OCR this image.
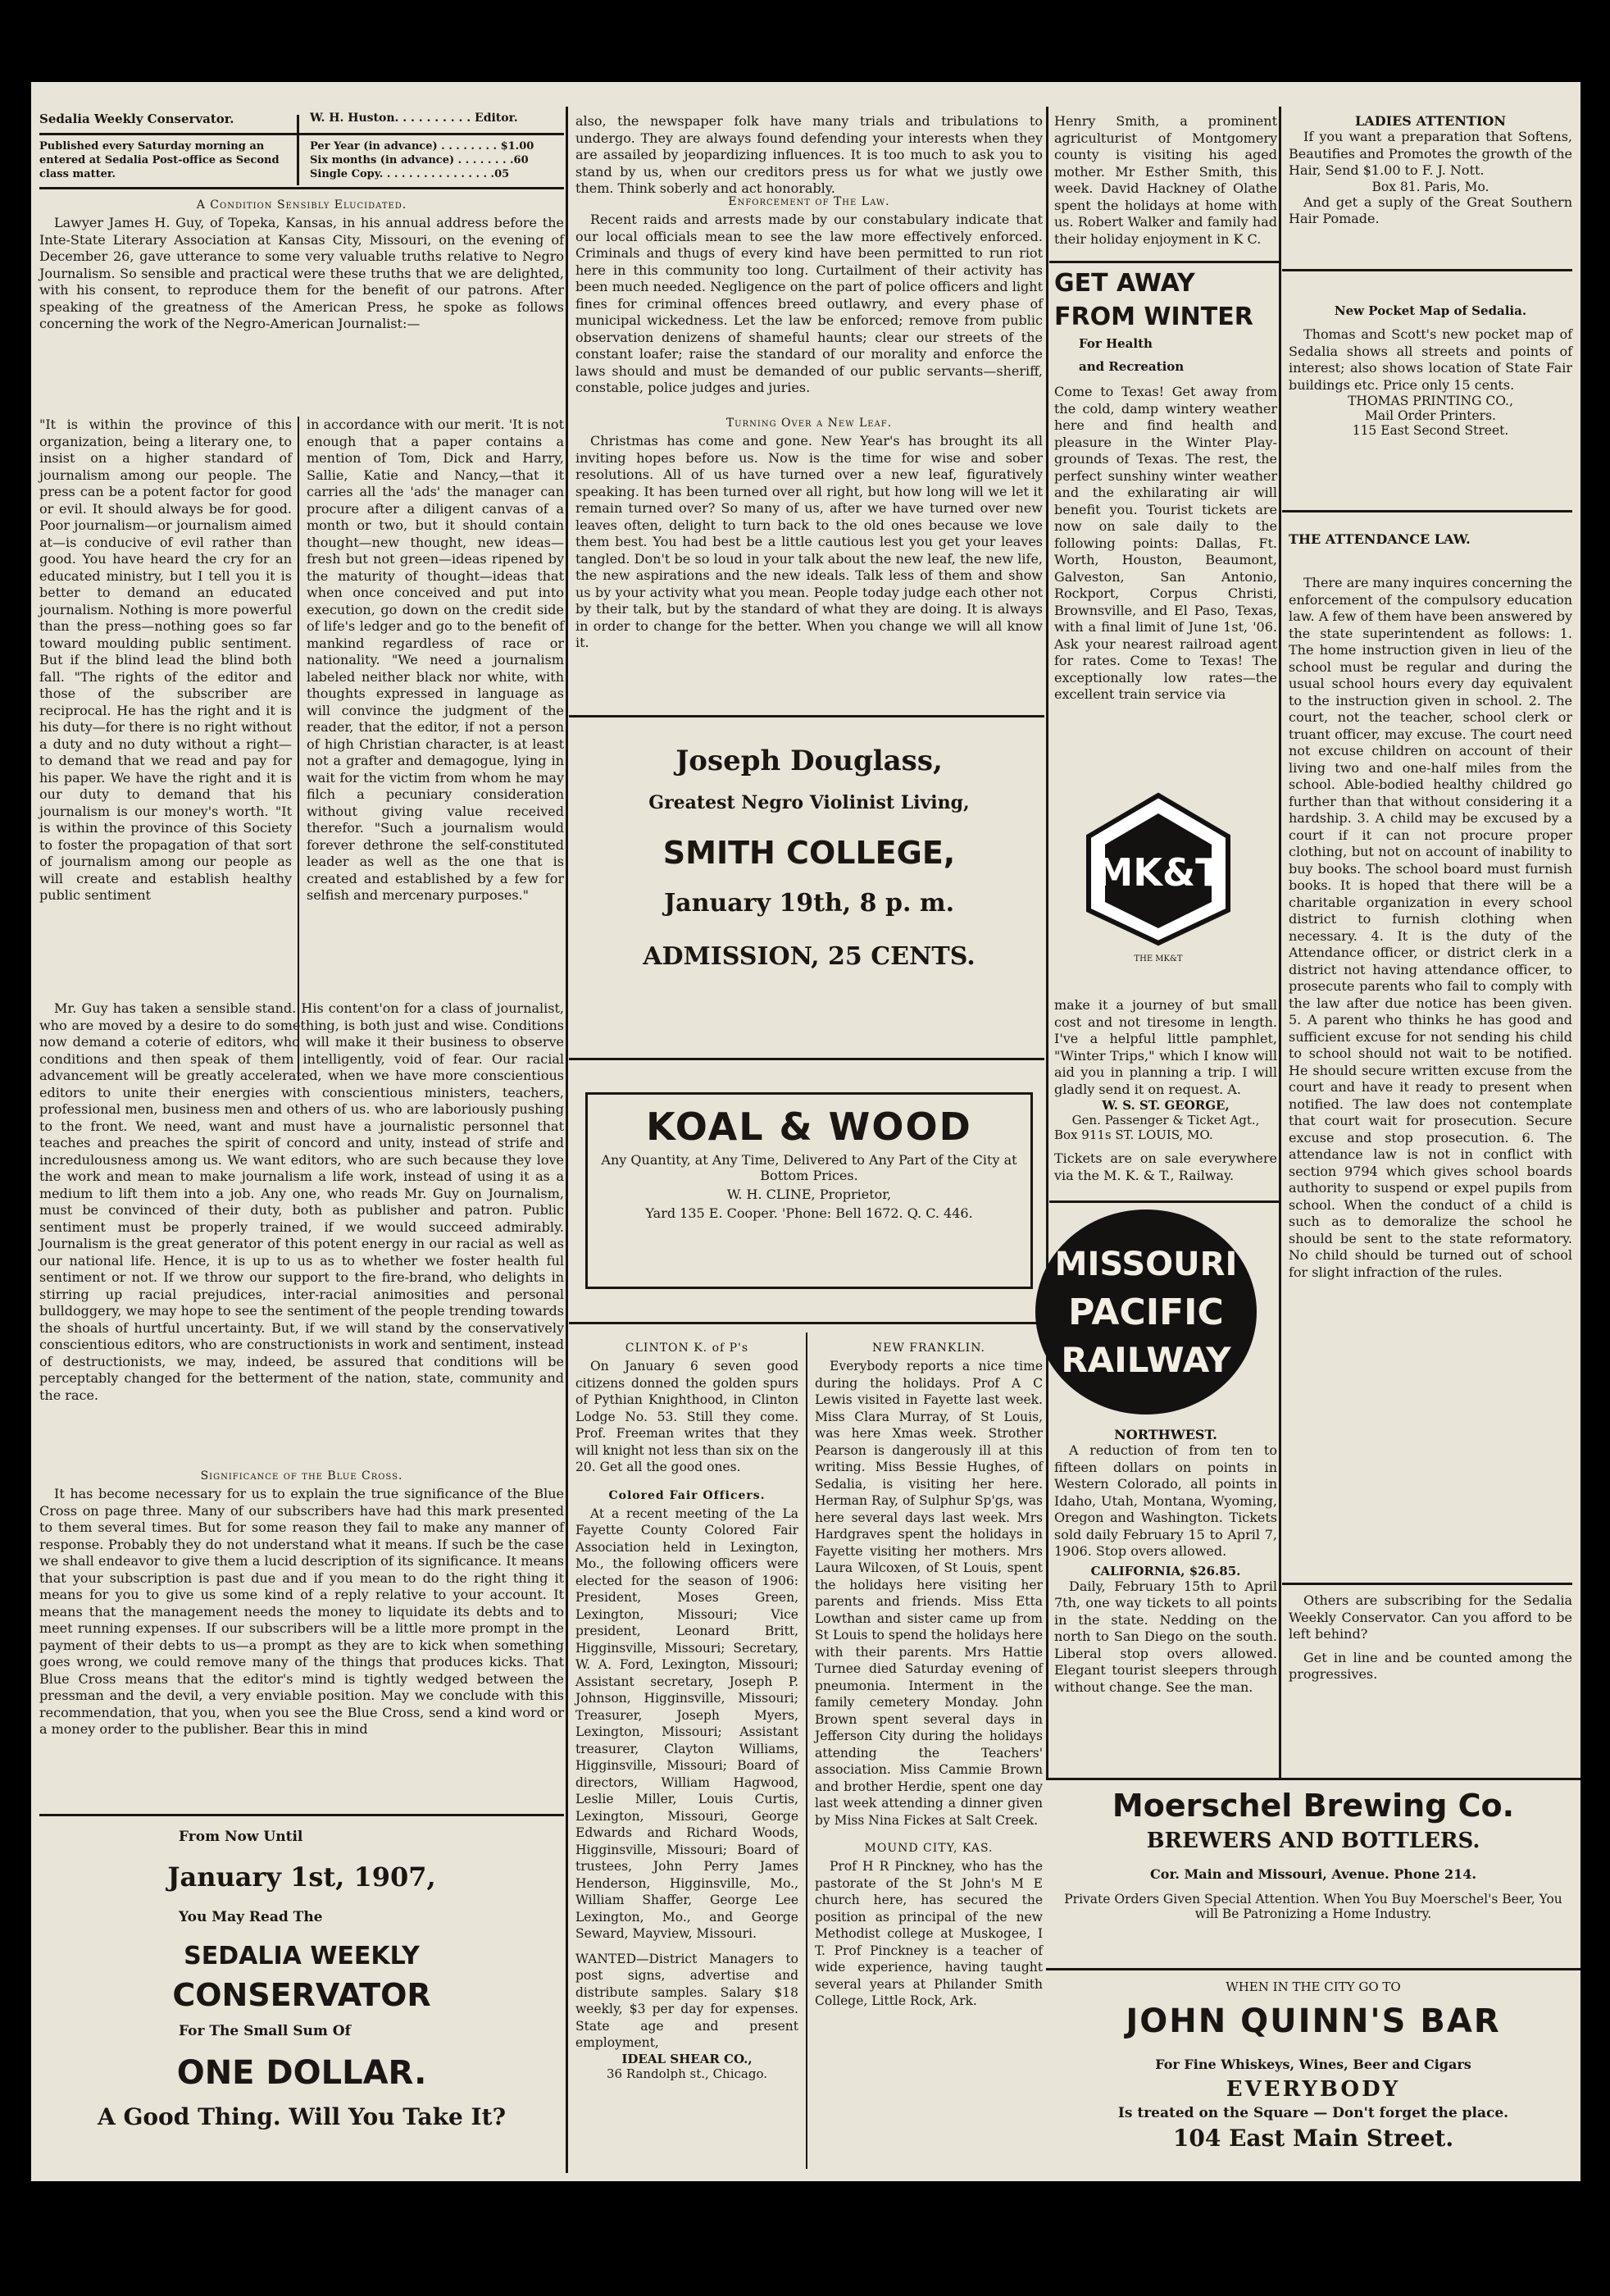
Sedalia Weekly Conservator.	W. H. Huston. . . . . . . . . . Editor.
Published every Saturday morning an entered at Sedalia Post-office as Second class matter.
Per Year (in advance) . . . . . . . . $1.00
Six months (in advance) . . . . . . . .60
Single Copy. . . . . . . . . . . . . . . .05
A Condition Sensibly Elucidated.
Lawyer James H. Guy, of Topeka, Kansas, in his annual address before the Inte-State Literary Association at Kansas City, Missouri, on the evening of December 26, gave utterance to some very valuable truths relative to Negro Journalism. So sensible and practical were these truths that we are delighted, with his consent, to reproduce them for the benefit of our patrons. After speaking of the greatness of the American Press, he spoke as follows concerning the work of the Negro-American Journalist:—
"It is within the province of this organization, being a literary one, to insist on a higher standard of journalism among our people. The press can be a potent factor for good or evil. It should always be for good. Poor journalism—or journalism aimed at—is conducive of evil rather than good. You have heard the cry for an educated ministry, but I tell you it is better to demand an educated journalism. Nothing is more powerful than the press—nothing goes so far toward moulding public sentiment. But if the blind lead the blind both fall. "The rights of the editor and those of the subscriber are reciprocal. He has the right and it is his duty—for there is no right without a duty and no duty without a right—to demand that we read and pay for his paper. We have the right and it is our duty to demand that his journalism is our money's worth. "It is within the province of this Society to foster the propagation of that sort of journalism among our people as will create and establish healthy public sentiment
in accordance with our merit. 'It is not enough that a paper contains a mention of Tom, Dick and Harry, Sallie, Katie and Nancy,—that it carries all the 'ads' the manager can procure after a diligent canvas of a month or two, but it should contain thought—new thought, new ideas—fresh but not green—ideas ripened by the maturity of thought—ideas that when once conceived and put into execution, go down on the credit side of life's ledger and go to the benefit of mankind regardless of race or nationality. "We need a journalism labeled neither black nor white, with thoughts expressed in language as will convince the judgment of the reader, that the editor, if not a person of high Christian character, is at least not a grafter and demagogue, lying in wait for the victim from whom he may filch a pecuniary consideration without giving value received therefor. "Such a journalism would forever dethrone the self-constituted leader as well as the one that is created and established by a few for selfish and mercenary purposes."
Mr. Guy has taken a sensible stand. His content'on for a class of journalist, who are moved by a desire to do something, is both just and wise. Conditions now demand a coterie of editors, who will make it their business to observe conditions and then speak of them intelligently, void of fear. Our racial advancement will be greatly accelerated, when we have more conscientious editors to unite their energies with conscientious ministers, teachers, professional men, business men and others of us. who are laboriously pushing to the front. We need, want and must have a journalistic personnel that teaches and preaches the spirit of concord and unity, instead of strife and incredulousness among us. We want editors, who are such because they love the work and mean to make journalism a life work, instead of using it as a medium to lift them into a job. Any one, who reads Mr. Guy on Journalism, must be convinced of their duty, both as publisher and patron. Public sentiment must be properly trained, if we would succeed admirably. Journalism is the great generator of this potent energy in our racial as well as our national life. Hence, it is up to us as to whether we foster health ful sentiment or not. If we throw our support to the fire-brand, who delights in stirring up racial prejudices, inter-racial animosities and personal bulldoggery, we may hope to see the sentiment of the people trending towards the shoals of hurtful uncertainty. But, if we will stand by the conservatively conscientious editors, who are constructionists in work and sentiment, instead of destructionists, we may, indeed, be assured that conditions will be perceptably changed for the betterment of the nation, state, community and the race.
Significance of the Blue Cross.
It has become necessary for us to explain the true significance of the Blue Cross on page three. Many of our subscribers have had this mark presented to them several times. But for some reason they fail to make any manner of response. Probably they do not understand what it means. If such be the case we shall endeavor to give them a lucid description of its significance. It means that your subscription is past due and if you mean to do the right thing it means for you to give us some kind of a reply relative to your account. It means that the management needs the money to liquidate its debts and to meet running expenses. If our subscribers will be a little more prompt in the payment of their debts to us—a prompt as they are to kick when something goes wrong, we could remove many of the things that produces kicks. That Blue Cross means that the editor's mind is tightly wedged between the pressman and the devil, a very enviable position. May we conclude with this recommendation, that you, when you see the Blue Cross, send a kind word or a money order to the publisher. Bear this in mind
From Now Until
January 1st, 1907,
You May Read The
SEDALIA WEEKLY
CONSERVATOR
For The Small Sum Of
ONE DOLLAR.
A Good Thing. Will You Take It?
also, the newspaper folk have many trials and tribulations to undergo. They are always found defending your interests when they are assailed by jeopardizing influences. It is too much to ask you to stand by us, when our creditors press us for what we justly owe them. Think soberly and act honorably.
Enforcement of The Law.
Recent raids and arrests made by our constabulary indicate that our local officials mean to see the law more effectively enforced. Criminals and thugs of every kind have been permitted to run riot here in this community too long. Curtailment of their activity has been much needed. Negligence on the part of police officers and light fines for criminal offences breed outlawry, and every phase of municipal wickedness. Let the law be enforced; remove from public observation denizens of shameful haunts; clear our streets of the constant loafer; raise the standard of our morality and enforce the laws should and must be demanded of our public servants—sheriff, constable, police judges and juries.
Turning Over a New Leaf.
Christmas has come and gone. New Year's has brought its all inviting hopes before us. Now is the time for wise and sober resolutions. All of us have turned over a new leaf, figuratively speaking. It has been turned over all right, but how long will we let it remain turned over? So many of us, after we have turned over new leaves often, delight to turn back to the old ones because we love them best. You had best be a little cautious lest you get your leaves tangled. Don't be so loud in your talk about the new leaf, the new life, the new aspirations and the new ideals. Talk less of them and show us by your activity what you mean. People today judge each other not by their talk, but by the standard of what they are doing. It is always in order to change for the better. When you change we will all know it.
Joseph Douglass,
Greatest Negro Violinist Living,
SMITH COLLEGE,
January 19th, 8 p. m.
ADMISSION, 25 CENTS.
KOAL & WOOD
Any Quantity, at Any Time, Delivered to Any Part of the City at Bottom Prices.
W. H. CLINE, Proprietor,
Yard 135 E. Cooper. 'Phone: Bell 1672. Q. C. 446.
CLINTON K. of P's
On January 6 seven good citizens donned the golden spurs of Pythian Knighthood, in Clinton Lodge No. 53. Still they come. Prof. Freeman writes that they will knight not less than six on the 20. Get all the good ones.
Colored Fair Officers.
At a recent meeting of the La Fayette County Colored Fair Association held in Lexington, Mo., the following officers were elected for the season of 1906: President, Moses Green, Lexington, Missouri; Vice president, Leonard Britt, Higginsville, Missouri; Secretary, W. A. Ford, Lexington, Missouri; Assistant secretary, Joseph P. Johnson, Higginsville, Missouri; Treasurer, Joseph Myers, Lexington, Missouri; Assistant treasurer, Clayton Williams, Higginsville, Missouri; Board of directors, William Hagwood, Leslie Miller, Louis Curtis, Lexington, Missouri, George Edwards and Richard Woods, Higginsville, Missouri; Board of trustees, John Perry James Henderson, Higginsville, Mo., William Shaffer, George Lee Lexington, Mo., and George Seward, Mayview, Missouri.
WANTED—District Managers to post signs, advertise and distribute samples. Salary $18 weekly, $3 per day for expenses. State age and present employment,
IDEAL SHEAR CO.,
36 Randolph st., Chicago.
NEW FRANKLIN.
Everybody reports a nice time during the holidays. Prof A C Lewis visited in Fayette last week. Miss Clara Murray, of St Louis, was here Xmas week. Strother Pearson is dangerously ill at this writing. Miss Bessie Hughes, of Sedalia, is visiting her here. Herman Ray, of Sulphur Sp'gs, was here several days last week. Mrs Hardgraves spent the holidays in Fayette visiting her mothers. Mrs Laura Wilcoxen, of St Louis, spent the holidays here visiting her parents and friends. Miss Etta Lowthan and sister came up from St Louis to spend the holidays here with their parents. Mrs Hattie Turnee died Saturday evening of pneumonia. Interment in the family cemetery Monday. John Brown spent several days in Jefferson City during the holidays attending the Teachers' association. Miss Cammie Brown and brother Herdie, spent one day last week attending a dinner given by Miss Nina Fickes at Salt Creek.
MOUND CITY, KAS.
Prof H R Pinckney, who has the pastorate of the St John's M E church here, has secured the position as principal of the new Methodist college at Muskogee, I T. Prof Pinckney is a teacher of wide experience, having taught several years at Philander Smith College, Little Rock, Ark.
Henry Smith, a prominent agriculturist of Montgomery county is visiting his aged mother. Mr Esther Smith, this week. David Hackney of Olathe spent the holidays at home with us. Robert Walker and family had their holiday enjoyment in K C.
GET AWAY
FROM WINTER
For Health
and Recreation
Come to Texas! Get away from the cold, damp wintery weather here and find health and pleasure in the Winter Play-grounds of Texas. The rest, the perfect sunshiny winter weather and the exhilarating air will benefit you. Tourist tickets are now on sale daily to the following points: Dallas, Ft. Worth, Houston, Beaumont, Galveston, San Antonio, Rockport, Corpus Christi, Brownsville, and El Paso, Texas, with a final limit of June 1st, '06. Ask your nearest railroad agent for rates. Come to Texas! The exceptionally low rates—the excellent train service via
MK&T
THE MK&T
make it a journey of but small cost and not tiresome in length. I've a helpful little pamphlet, "Winter Trips," which I know will aid you in planning a trip. I will gladly send it on request. A.
W. S. ST. GEORGE,
Gen. Passenger & Ticket Agt.,
Box 911s ST. LOUIS, MO.
Tickets are on sale everywhere via the M. K. & T., Railway.
MISSOURI
PACIFIC
RAILWAY
NORTHWEST.
A reduction of from ten to fifteen dollars on points in Western Colorado, all points in Idaho, Utah, Montana, Wyoming, Oregon and Washington. Tickets sold daily February 15 to April 7, 1906. Stop overs allowed.
CALIFORNIA, $26.85.
Daily, February 15th to April 7th, one way tickets to all points in the state. Nedding on the north to San Diego on the south. Liberal stop overs allowed. Elegant tourist sleepers through without change. See the man.
LADIES ATTENTION
If you want a preparation that Softens, Beautifies and Promotes the growth of the Hair, Send $1.00 to F. J. Nott.
Box 81. Paris, Mo.
And get a suply of the Great Southern Hair Pomade.
New Pocket Map of Sedalia.
Thomas and Scott's new pocket map of Sedalia shows all streets and points of interest; also shows location of State Fair buildings etc. Price only 15 cents.
THOMAS PRINTING CO.,
Mail Order Printers.
115 East Second Street.
THE ATTENDANCE LAW.
There are many inquires concerning the enforcement of the compulsory education law. A few of them have been answered by the state superintendent as follows: 1. The home instruction given in lieu of the school must be regular and during the usual school hours every day equivalent to the instruction given in school. 2. The court, not the teacher, school clerk or truant officer, may excuse. The court need not excuse children on account of their living two and one-half miles from the school. Able-bodied healthy childred go further than that without considering it a hardship. 3. A child may be excused by a court if it can not procure proper clothing, but not on account of inability to buy books. The school board must furnish books. It is hoped that there will be a charitable organization in every school district to furnish clothing when necessary. 4. It is the duty of the Attendance officer, or district clerk in a district not having attendance officer, to prosecute parents who fail to comply with the law after due notice has been given. 5. A parent who thinks he has good and sufficient excuse for not sending his child to school should not wait to be notified. He should secure written excuse from the court and have it ready to present when notified. The law does not contemplate that court wait for prosecution. Secure excuse and stop prosecution. 6. The attendance law is not in conflict with section 9794 which gives school boards authority to suspend or expel pupils from school. When the conduct of a child is such as to demoralize the school he should be sent to the state reformatory. No child should be turned out of school for slight infraction of the rules.
Others are subscribing for the Sedalia Weekly Conservator. Can you afford to be left behind?
Get in line and be counted among the progressives.
Moerschel Brewing Co.
BREWERS AND BOTTLERS.
Cor. Main and Missouri, Avenue. Phone 214.
Private Orders Given Special Attention. When You Buy Moerschel's Beer, You will Be Patronizing a Home Industry.
WHEN IN THE CITY GO TO
JOHN QUINN'S BAR
For Fine Whiskeys, Wines, Beer and Cigars
EVERYBODY
Is treated on the Square — Don't forget the place.
104 East Main Street.
